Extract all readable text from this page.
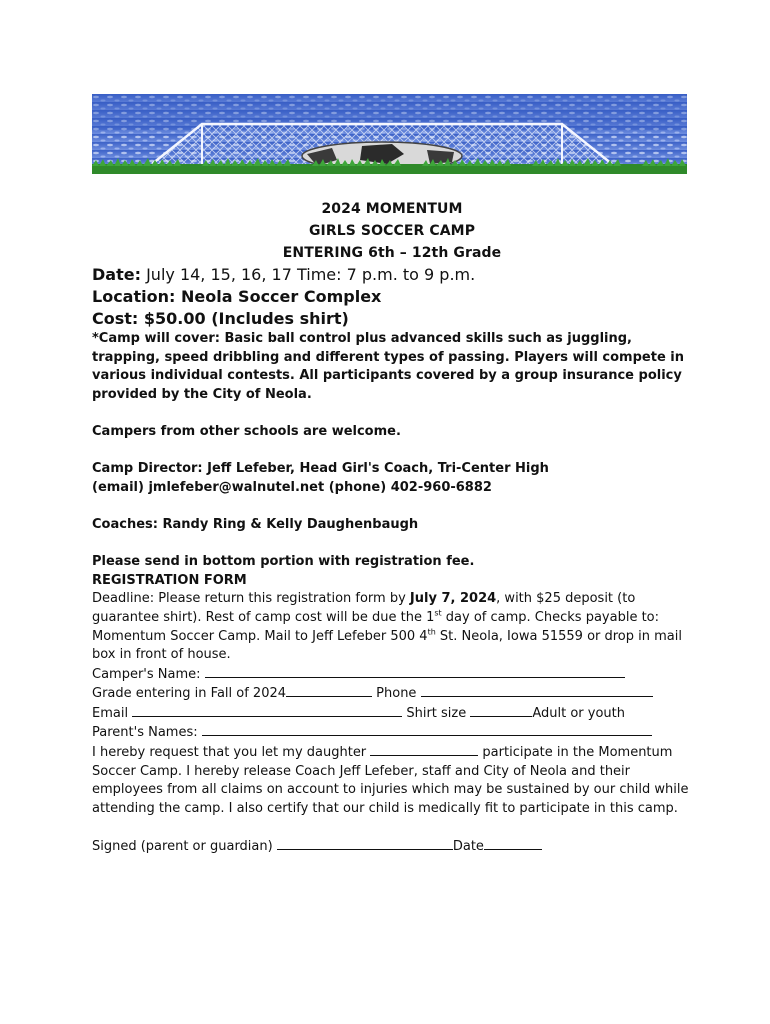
2024 MOMENTUM
GIRLS SOCCER CAMP
ENTERING 6th – 12th Grade
Date: July 14, 15, 16, 17 Time: 7 p.m. to 9 p.m.
Location: Neola Soccer Complex
Cost: $50.00 (Includes shirt)
*Camp will cover: Basic ball control plus advanced skills such as juggling, trapping, speed dribbling and different types of passing. Players will compete in various individual contests. All participants covered by a group insurance policy provided by the City of Neola.
Campers from other schools are welcome.
Camp Director: Jeff Lefeber, Head Girl's Coach, Tri-Center High
(email) jmlefeber@walnutel.net (phone) 402-960-6882
Coaches: Randy Ring & Kelly Daughenbaugh
Please send in bottom portion with registration fee.
REGISTRATION FORM
Deadline: Please return this registration form by July 7, 2024, with $25 deposit (to guarantee shirt). Rest of camp cost will be due the 1st day of camp. Checks payable to: Momentum Soccer Camp. Mail to Jeff Lefeber 500 4th St. Neola, Iowa 51559 or drop in mail box in front of house.
Camper's Name:
Grade entering in Fall of 2024	Phone
Email	Shirt size	Adult or youth
Parent's Names:
I hereby request that you let my daughter	participate in the Momentum
Soccer Camp. I hereby release Coach Jeff Lefeber, staff and City of Neola and their employees from all claims on account to injuries which may be sustained by our child while attending the camp. I also certify that our child is medically fit to participate in this camp.
Signed (parent or guardian)	Date
